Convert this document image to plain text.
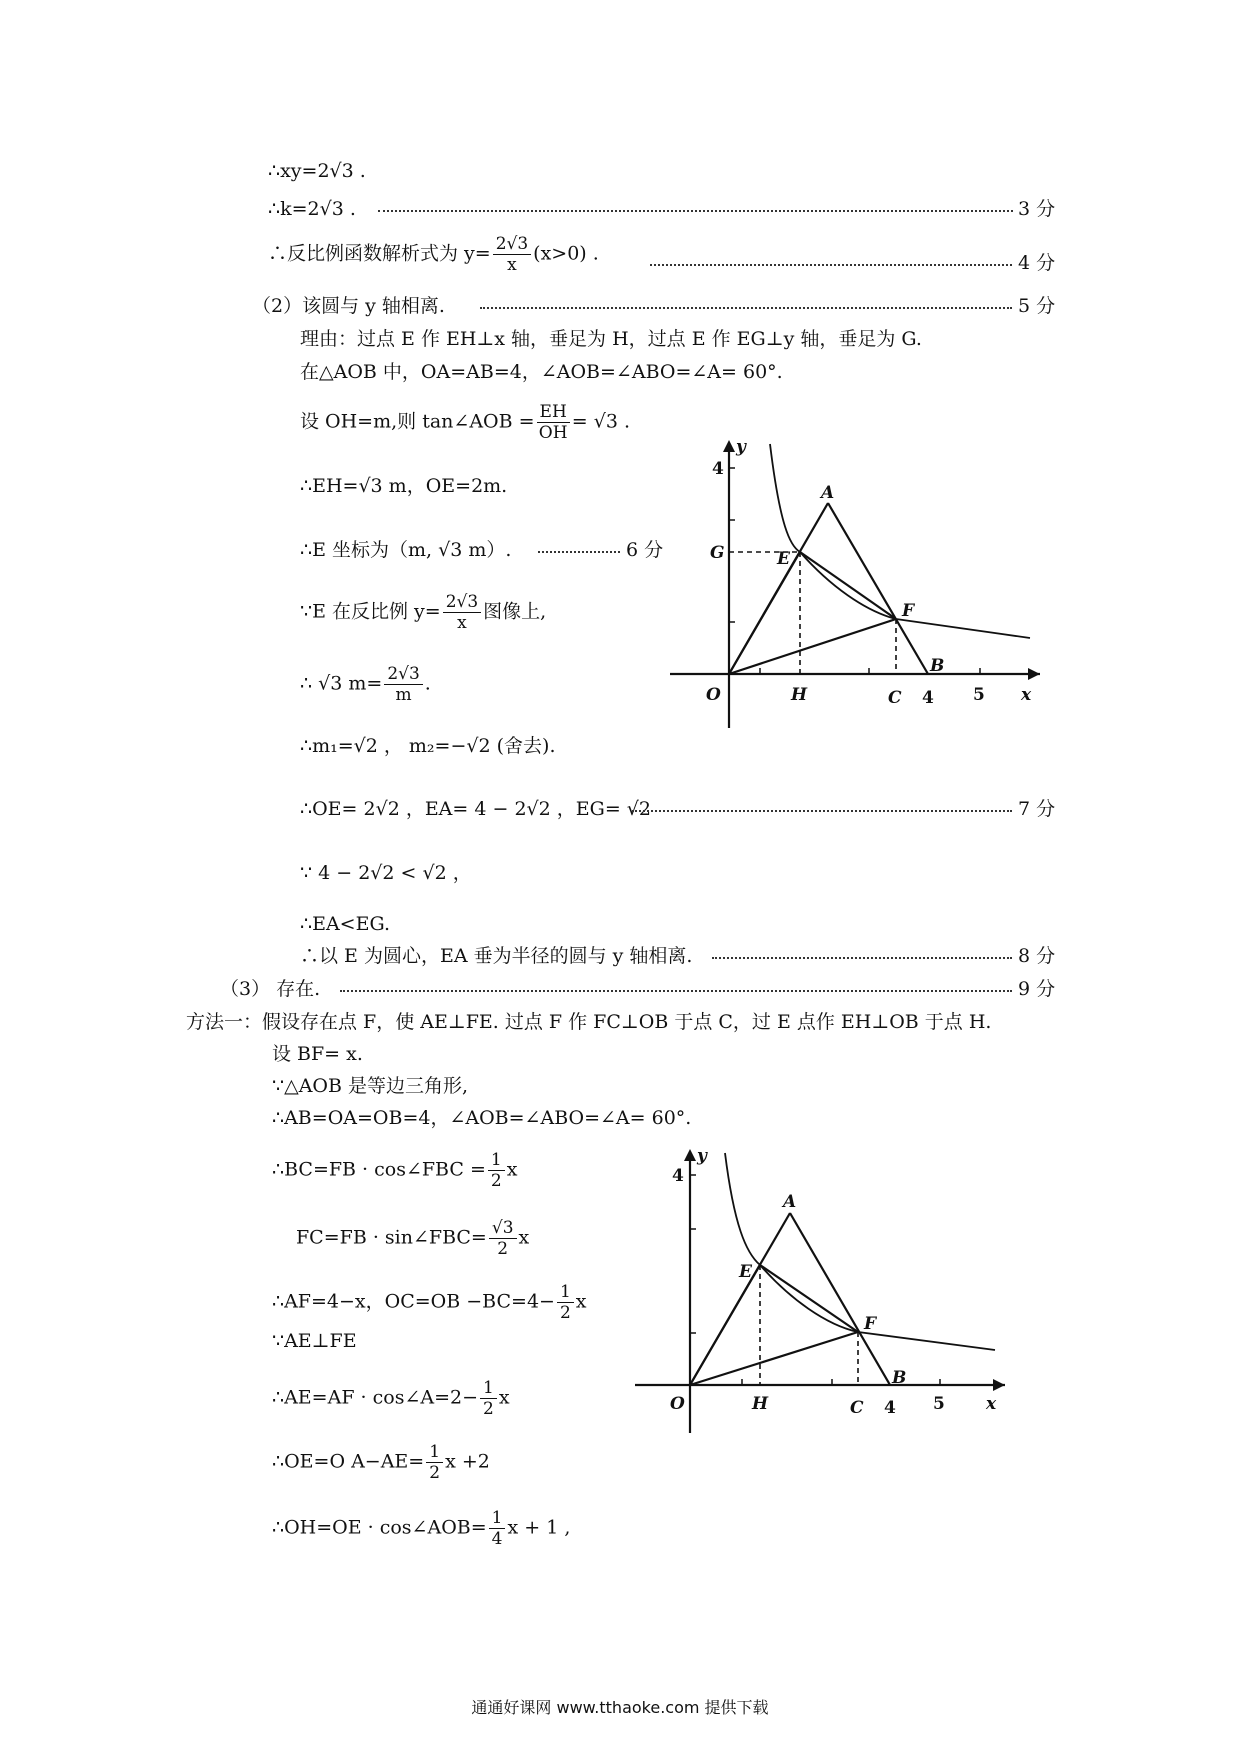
∴xy=2√3 .
∴k=2√3 .	3 分
∴反比例函数解析式为 $y= \frac{2√3}{x} (x>0)$ .	4 分
（2）该圆与 y 轴相离.	5 分
理由：过点 E 作 EH⊥x 轴，垂足为 H，过点 E 作 EG⊥y 轴，垂足为 G.
在△AOB 中，OA=AB=4，∠AOB=∠ABO=∠A= 60°.
设 OH=m,则 tan∠AOB = $\frac{EH}{OH} = √3$ .
∴EH=√3 m，OE=2m.
∴E 坐标为（m, √3 m）.	6 分
∵E 在反比例 $y= \frac{2√3}{x}$ 图像上,
∴ √3 $m= \frac{2√3}{m}$ .
∴m₁=√2 ， m₂=−√2 (舍去).
∴OE= 2√2 ，EA= 4 − 2√2 ，EG= √2	7 分
∵ 4 − 2√2 < √2 ，
∴EA<EG.
∴以 E 为圆心，EA 垂为半径的圆与 y 轴相离.	8 分
（3） 存在.	9 分
方法一：假设存在点 F，使 AE⊥FE. 过点 F 作 FC⊥OB 于点 C，过 E 点作 EH⊥OB 于点 H.
设 BF= x.
∵△AOB 是等边三角形,
∴AB=OA=OB=4，∠AOB=∠ABO=∠A= 60°.
∴BC=FB · cos∠FBC = $\frac{1}{2}$ x
FC=FB · sin∠FBC= $\frac{√3}{2}$ x
∴AF=4−x，$OC=OB -BC=4- \frac{1}{2}$ x
∵AE⊥FE
∴AE=AF · cos∠A=2− $\frac{1}{2}$ x
∴OE=O $A-AE= \frac{1}{2}$ x +2
∴OH=OE · cos∠AOB= $\frac{1}{4}$ x + 1 ,
y
4
G
A
E
F
B
O	H	C 4 5 x
y
4
A
E
F
B
O	H	C 4 5 x
通通好课网 www.tthaoke.com 提供下载
